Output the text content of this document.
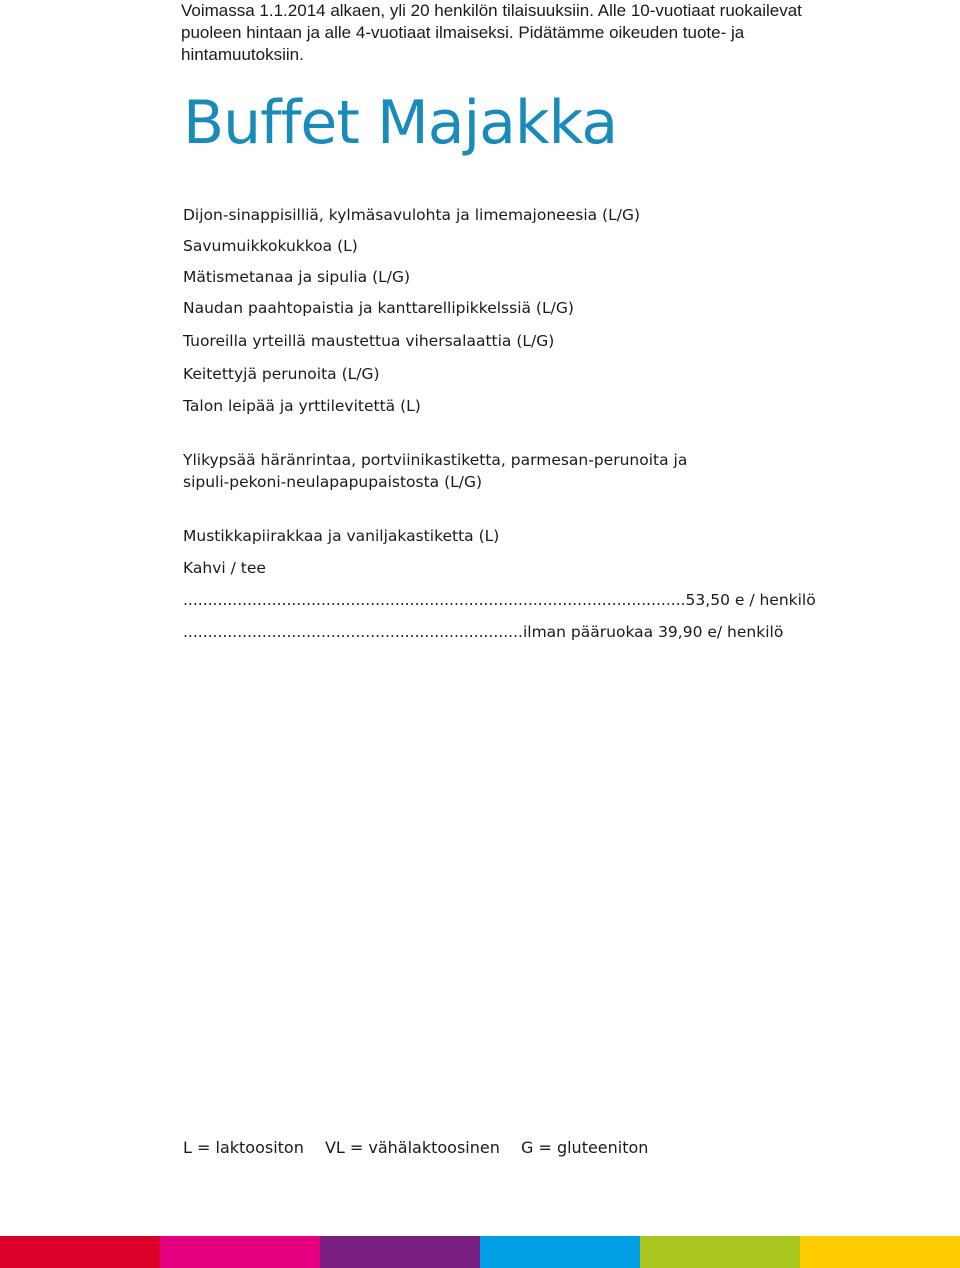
Voimassa 1.1.2014 alkaen, yli 20 henkilön tilaisuuksiin. Alle 10-vuotiaat ruokailevat
puoleen hintaan ja alle 4-vuotiaat ilmaiseksi. Pidätämme oikeuden tuote- ja
hintamuutoksiin.
Buffet Majakka
Dijon-sinappisilliä, kylmäsavulohta ja limemajoneesia (L/G)
Savumuikkokukkoa (L)
Mätismetanaa ja sipulia (L/G)
Naudan paahtopaistia ja kanttarellipikkelssiä (L/G)
Tuoreilla yrteillä maustettua vihersalaattia (L/G)
Keitettyjä perunoita (L/G)
Talon leipää ja yrttilevitettä (L)
Ylikypsää häränrintaa, portviinikastiketta, parmesan-perunoita ja
sipuli-pekoni-neulapapupaistosta (L/G)
Mustikkapiirakkaa ja vaniljakastiketta (L)
Kahvi / tee
......................................................................................................53,50 e / henkilö
.....................................................................ilman pääruokaa 39,90 e/ henkilö
L = laktoositon VL = vähälaktoosinen G = gluteeniton
